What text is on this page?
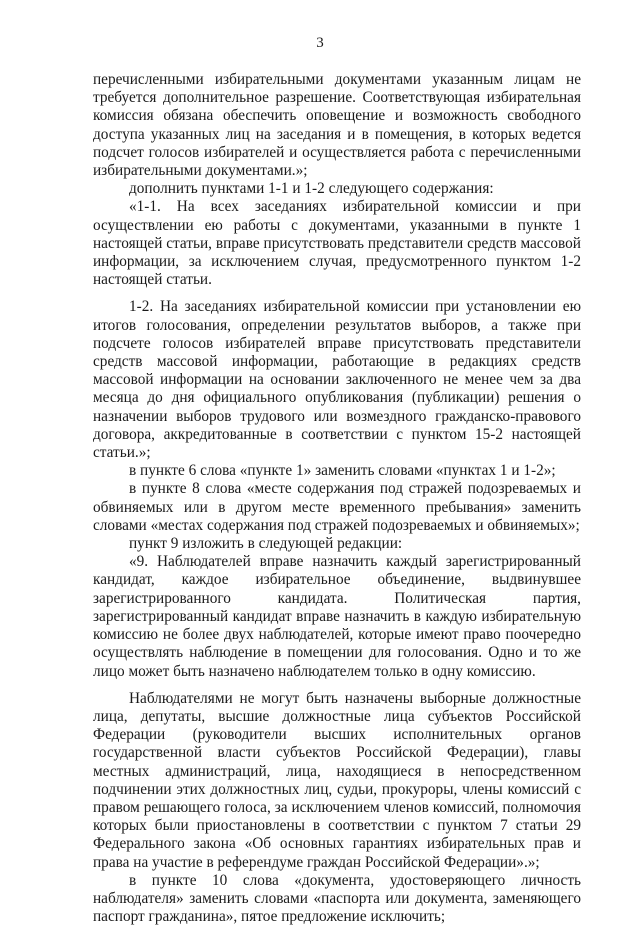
3

перечисленными избирательными документами указанным лицам не требуется дополнительное разрешение. Соответствующая избирательная комиссия обязана обеспечить оповещение и возможность свободного доступа указанных лиц на заседания и в помещения, в которых ведется подсчет голосов избирателей и осуществляется работа с перечисленными избирательными документами.»;

дополнить пунктами 1-1 и 1-2 следующего содержания:

«1-1. На всех заседаниях избирательной комиссии и при осуществлении ею работы с документами, указанными в пункте 1 настоящей статьи, вправе присутствовать представители средств массовой информации, за исключением случая, предусмотренного пунктом 1-2 настоящей статьи.

1-2. На заседаниях избирательной комиссии при установлении ею итогов голосования, определении результатов выборов, а также при подсчете голосов избирателей вправе присутствовать представители средств массовой информации, работающие в редакциях средств массовой информации на основании заключенного не менее чем за два месяца до дня официального опубликования (публикации) решения о назначении выборов трудового или возмездного гражданско-правового договора, аккредитованные в соответствии с пунктом 15-2 настоящей статьи.»;

в пункте 6 слова «пункте 1» заменить словами «пунктах 1 и 1-2»;

в пункте 8 слова «месте содержания под стражей подозреваемых и обвиняемых или в другом месте временного пребывания» заменить словами «местах содержания под стражей подозреваемых и обвиняемых»;

пункт 9 изложить в следующей редакции:

«9. Наблюдателей вправе назначить каждый зарегистрированный кандидат, каждое избирательное объединение, выдвинувшее зарегистрированного кандидата. Политическая партия, зарегистрированный кандидат вправе назначить в каждую избирательную комиссию не более двух наблюдателей, которые имеют право поочередно осуществлять наблюдение в помещении для голосования. Одно и то же лицо может быть назначено наблюдателем только в одну комиссию.

Наблюдателями не могут быть назначены выборные должностные лица, депутаты, высшие должностные лица субъектов Российской Федерации (руководители высших исполнительных органов государственной власти субъектов Российской Федерации), главы местных администраций, лица, находящиеся в непосредственном подчинении этих должностных лиц, судьи, прокуроры, члены комиссий с правом решающего голоса, за исключением членов комиссий, полномочия которых были приостановлены в соответствии с пунктом 7 статьи 29 Федерального закона «Об основных гарантиях избирательных прав и права на участие в референдуме граждан Российской Федерации».»;

в пункте 10 слова «документа, удостоверяющего личность наблюдателя» заменить словами «паспорта или документа, заменяющего паспорт гражданина», пятое предложение исключить;
